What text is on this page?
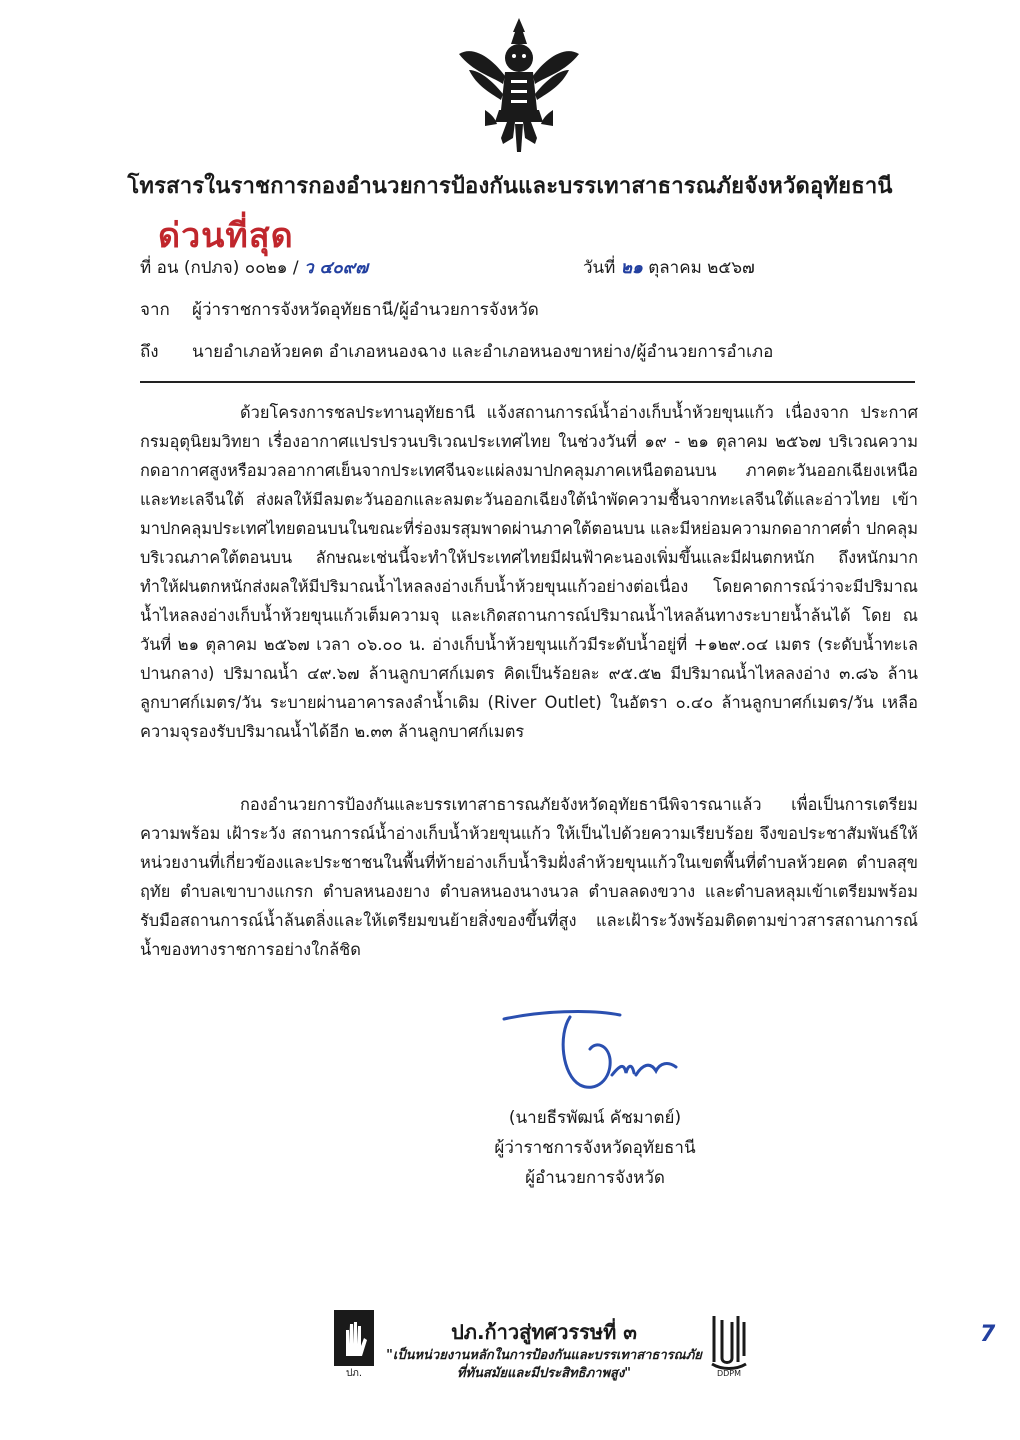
โทรสารในราชการกองอำนวยการป้องกันและบรรเทาสาธารณภัยจังหวัดอุทัยธานี
ด่วนที่สุด
ที่ อน (กปภจ) ๐๐๒๑ / ว ๔๐๙๗	วันที่ ๒๑ ตุลาคม ๒๕๖๗
จาก ผู้ว่าราชการจังหวัดอุทัยธานี/ผู้อำนวยการจังหวัด
ถึง นายอำเภอห้วยคต อำเภอหนองฉาง และอำเภอหนองขาหย่าง/ผู้อำนวยการอำเภอ

ด้วยโครงการชลประทานอุทัยธานี แจ้งสถานการณ์น้ำอ่างเก็บน้ำห้วยขุนแก้ว เนื่องจาก ประกาศกรมอุตุนิยมวิทยา เรื่องอากาศแปรปรวนบริเวณประเทศไทย ในช่วงวันที่ ๑๙ - ๒๑ ตุลาคม ๒๕๖๗ บริเวณความกดอากาศสูงหรือมวลอากาศเย็นจากประเทศจีนจะแผ่ลงมาปกคลุมภาคเหนือตอนบน ภาคตะวันออกเฉียงเหนือ และทะเลจีนใต้ ส่งผลให้มีลมตะวันออกและลมตะวันออกเฉียงใต้นำพัดความชื้นจากทะเลจีนใต้และอ่าวไทย เข้ามาปกคลุมประเทศไทยตอนบนในขณะที่ร่องมรสุมพาดผ่านภาคใต้ตอนบน และมีหย่อมความกดอากาศต่ำ ปกคลุมบริเวณภาคใต้ตอนบน ลักษณะเช่นนี้จะทำให้ประเทศไทยมีฝนฟ้าคะนองเพิ่มขึ้นและมีฝนตกหนัก ถึงหนักมาก ทำให้ฝนตกหนักส่งผลให้มีปริมาณน้ำไหลลงอ่างเก็บน้ำห้วยขุนแก้วอย่างต่อเนื่อง โดยคาดการณ์ว่าจะมีปริมาณน้ำไหลลงอ่างเก็บน้ำห้วยขุนแก้วเต็มความจุ และเกิดสถานการณ์ปริมาณน้ำไหลล้นทางระบายน้ำล้นได้ โดย ณ วันที่ ๒๑ ตุลาคม ๒๕๖๗ เวลา ๐๖.๐๐ น. อ่างเก็บน้ำห้วยขุนแก้วมีระดับน้ำอยู่ที่ +๑๒๙.๐๔ เมตร (ระดับน้ำทะเลปานกลาง) ปริมาณน้ำ ๔๙.๖๗ ล้านลูกบาศก์เมตร คิดเป็นร้อยละ ๙๕.๕๒ มีปริมาณน้ำไหลลงอ่าง ๓.๘๖ ล้านลูกบาศก์เมตร/วัน ระบายผ่านอาคารลงลำน้ำเดิม (River Outlet) ในอัตรา ๐.๔๐ ล้านลูกบาศก์เมตร/วัน เหลือความจุรองรับปริมาณน้ำได้อีก ๒.๓๓ ล้านลูกบาศก์เมตร

กองอำนวยการป้องกันและบรรเทาสาธารณภัยจังหวัดอุทัยธานีพิจารณาแล้ว เพื่อเป็นการเตรียมความพร้อม เฝ้าระวัง สถานการณ์น้ำอ่างเก็บน้ำห้วยขุนแก้ว ให้เป็นไปด้วยความเรียบร้อย จึงขอประชาสัมพันธ์ให้หน่วยงานที่เกี่ยวข้องและประชาชนในพื้นที่ท้ายอ่างเก็บน้ำริมฝั่งลำห้วยขุนแก้วในเขตพื้นที่ตำบลห้วยคต ตำบลสุขฤทัย ตำบลเขาบางแกรก ตำบลหนองยาง ตำบลหนองนางนวล ตำบลลดงขวาง และตำบลหลุมเข้าเตรียมพร้อมรับมือสถานการณ์น้ำล้นตลิ่งและให้เตรียมขนย้ายสิ่งของขึ้นที่สูง และเฝ้าระวังพร้อมติดตามข่าวสารสถานการณ์น้ำของทางราชการอย่างใกล้ชิด

(นายธีรพัฒน์ คัชมาตย์)
ผู้ว่าราชการจังหวัดอุทัยธานี
ผู้อำนวยการจังหวัด
ปภ.
ปภ.ก้าวสู่ทศวรรษที่ ๓
"เป็นหน่วยงานหลักในการป้องกันและบรรเทาสาธารณภัย
ที่ทันสมัยและมีประสิทธิภาพสูง"	DDPM
7
